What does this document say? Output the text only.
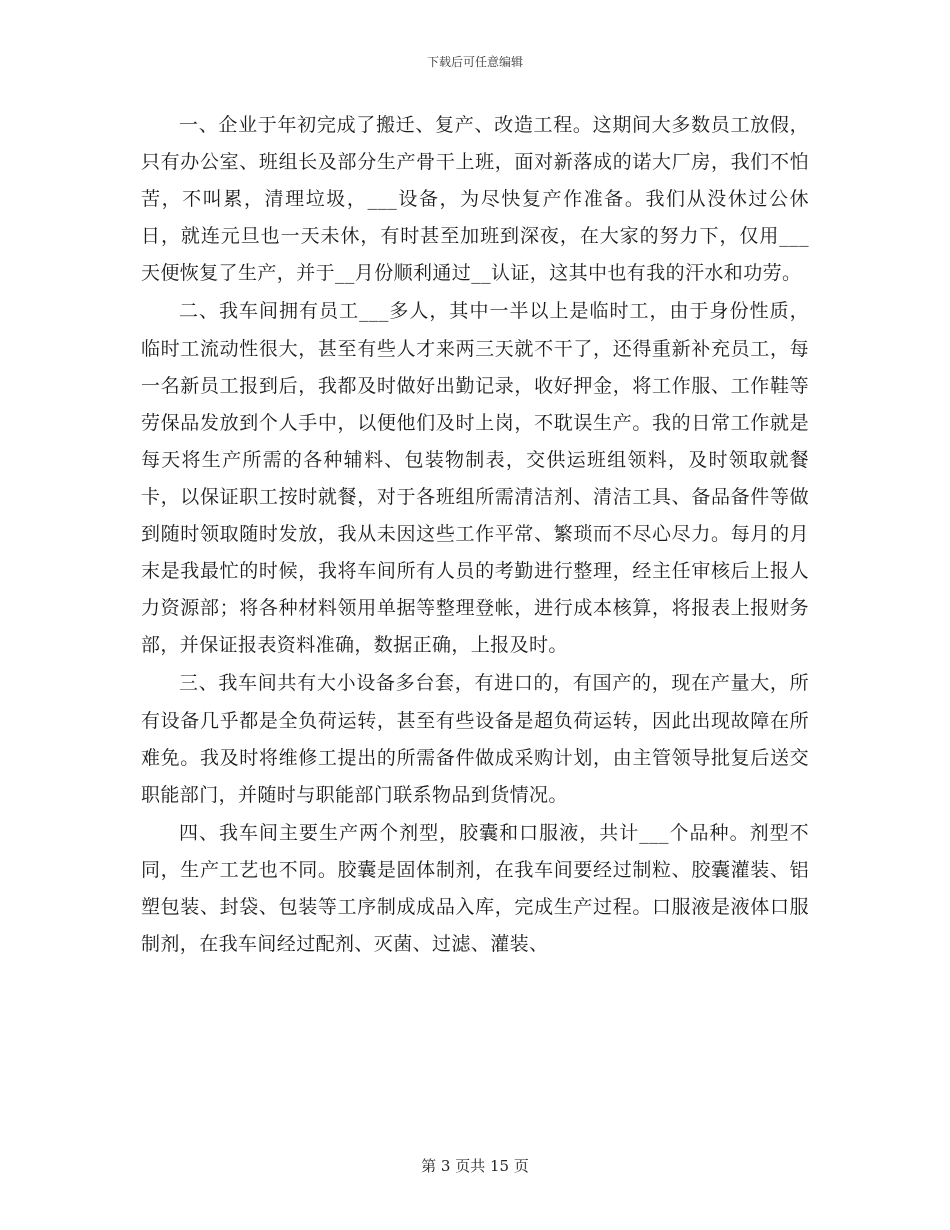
下载后可任意编辑

一、企业于年初完成了搬迁、复产、改造工程。这期间大多数员工放假，只有办公室、班组长及部分生产骨干上班，面对新落成的诺大厂房，我们不怕苦，不叫累，清理垃圾，___设备，为尽快复产作准备。我们从没休过公休日，就连元旦也一天未休，有时甚至加班到深夜，在大家的努力下，仅用___天便恢复了生产，并于__月份顺利通过__认证，这其中也有我的汗水和功劳。

二、我车间拥有员工___多人，其中一半以上是临时工，由于身份性质，临时工流动性很大，甚至有些人才来两三天就不干了，还得重新补充员工，每一名新员工报到后，我都及时做好出勤记录，收好押金，将工作服、工作鞋等劳保品发放到个人手中，以便他们及时上岗，不耽误生产。我的日常工作就是每天将生产所需的各种辅料、包装物制表，交供运班组领料，及时领取就餐卡，以保证职工按时就餐，对于各班组所需清洁剂、清洁工具、备品备件等做到随时领取随时发放，我从未因这些工作平常、繁琐而不尽心尽力。每月的月末是我最忙的时候，我将车间所有人员的考勤进行整理，经主任审核后上报人力资源部；将各种材料领用单据等整理登帐，进行成本核算，将报表上报财务部，并保证报表资料准确，数据正确，上报及时。

三、我车间共有大小设备多台套，有进口的，有国产的，现在产量大，所有设备几乎都是全负荷运转，甚至有些设备是超负荷运转，因此出现故障在所难免。我及时将维修工提出的所需备件做成采购计划，由主管领导批复后送交职能部门，并随时与职能部门联系物品到货情况。

四、我车间主要生产两个剂型，胶囊和口服液，共计___个品种。剂型不同，生产工艺也不同。胶囊是固体制剂，在我车间要经过制粒、胶囊灌装、铝塑包装、封袋、包装等工序制成成品入库，完成生产过程。口服液是液体口服制剂，在我车间经过配剂、灭菌、过滤、灌装、

第 3 页共 15 页
